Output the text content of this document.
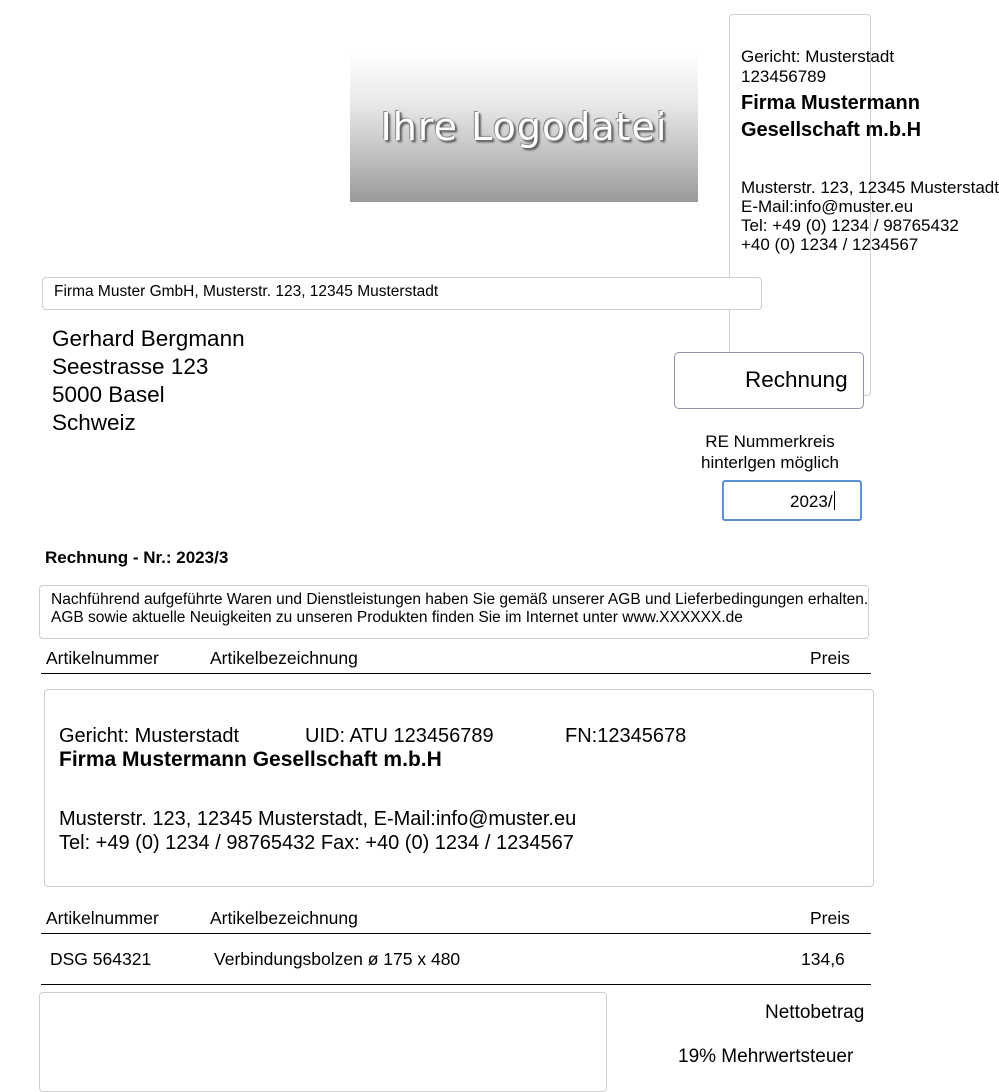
Ihre Logodatei
Gericht: Musterstadt
123456789
Firma Mustermann
Gesellschaft m.b.H
Musterstr. 123, 12345 Musterstadt
E-Mail:info@muster.eu
Tel: +49 (0) 1234 / 98765432
+40 (0) 1234 / 1234567
Firma Muster GmbH, Musterstr. 123, 12345 Musterstadt
Gerhard Bergmann
Seestrasse 123
5000 Basel
Schweiz
Rechnung
RE Nummerkreis
hinterlgen möglich
2023/
Rechnung - Nr.: 2023/3
Nachführend aufgeführte Waren und Dienstleistungen haben Sie gemäß unserer AGB und Lieferbedingungen erhalten.
AGB sowie aktuelle Neuigkeiten zu unseren Produkten finden Sie im Internet unter www.XXXXXX.de
Artikelnummer	Artikelbezeichnung	Preis
Gericht: Musterstadt	UID: ATU 123456789	FN:12345678
Firma Mustermann Gesellschaft m.b.H
Musterstr. 123, 12345 Musterstadt, E-Mail:info@muster.eu
Tel: +49 (0) 1234 / 98765432 Fax: +40 (0) 1234 / 1234567
Artikelnummer	Artikelbezeichnung	Preis
DSG 564321	Verbindungsbolzen ø 175 x 480	134,6
Nettobetrag
19% Mehrwertsteuer
